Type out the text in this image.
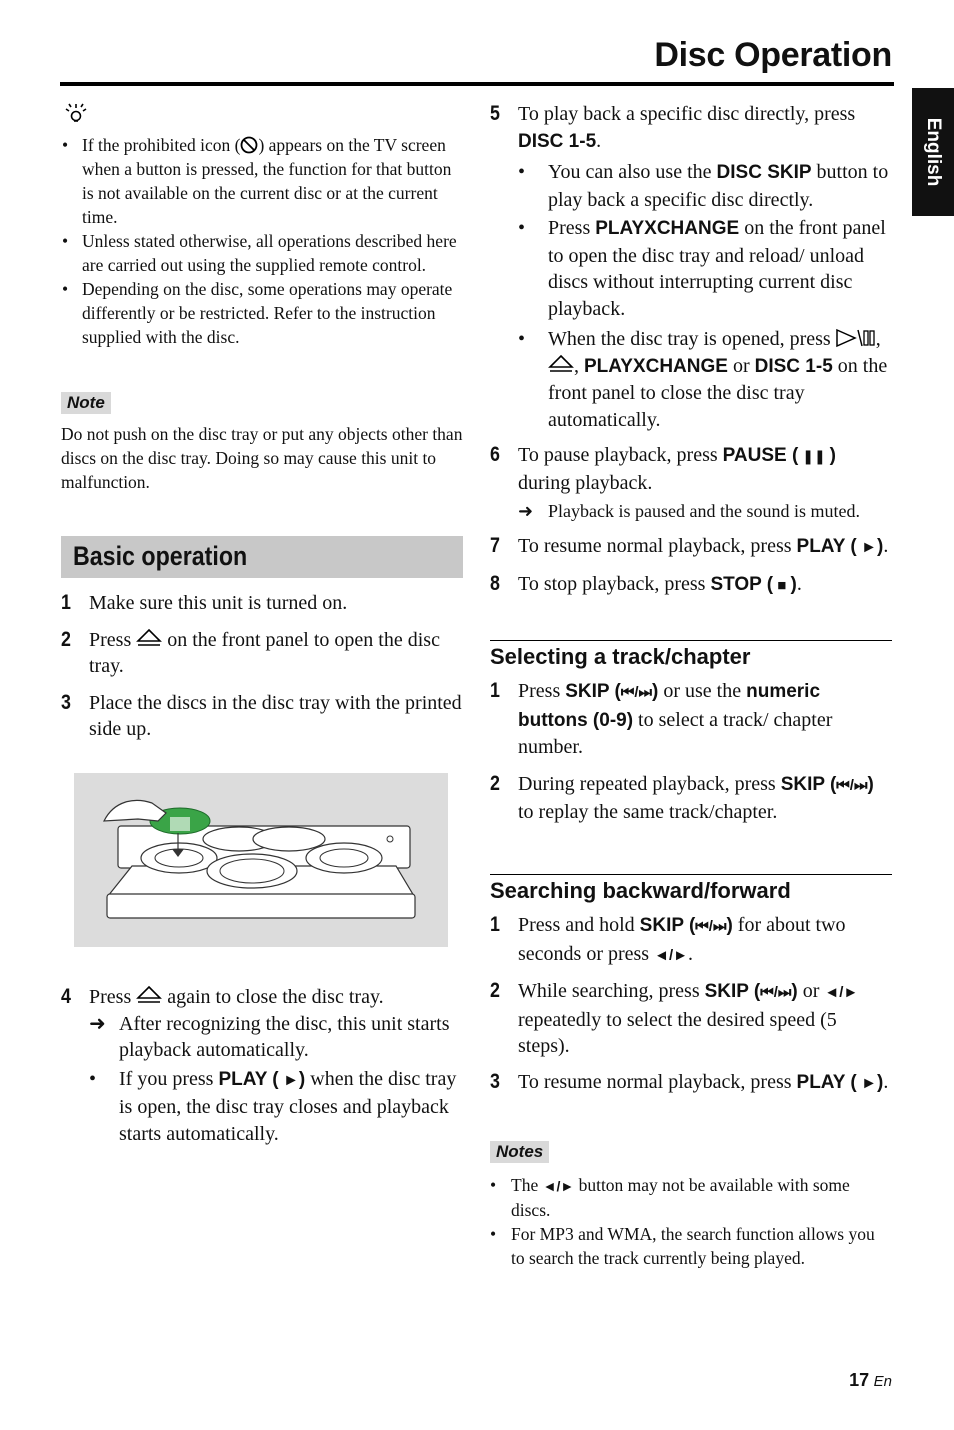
Disc Operation
English
• If the prohibited icon ( ) appears on the TV screen when a button is pressed, the function for that button is not available on the current disc or at the current time.
• Unless stated otherwise, all operations described here are carried out using the supplied remote control.
• Depending on the disc, some operations may operate differently or be restricted. Refer to the instruction supplied with the disc.
Note
Do not push on the disc tray or put any objects other than discs on the disc tray. Doing so may cause this unit to malfunction.
Basic operation
1 Make sure this unit is turned on.
2 Press on the front panel to open the disc tray.
3 Place the discs in the disc tray with the printed side up.
4 Press again to close the disc tray.
➜ After recognizing the disc, this unit starts playback automatically.
• If you press PLAY ( ►) when the disc tray is open, the disc tray closes and playback starts automatically.
5 To play back a specific disc directly, press DISC 1-5.
• You can also use the DISC SKIP button to play back a specific disc directly.
• Press PLAYXCHANGE on the front panel to open the disc tray and reload/ unload discs without interrupting current disc playback.
• When the disc tray is opened, press , , PLAYXCHANGE or DISC 1-5 on the front panel to close the disc tray automatically.
6 To pause playback, press PAUSE ( ❚❚ ) during playback.
➜ Playback is paused and the sound is muted.
7 To resume normal playback, press PLAY ( ►).
8 To stop playback, press STOP ( ■ ).
Selecting a track/chapter
1 Press SKIP (⏮/⏭) or use the numeric buttons (0-9) to select a track/ chapter number.
2 During repeated playback, press SKIP (⏮/⏭) to replay the same track/chapter.
Searching backward/forward
1 Press and hold SKIP (⏮/⏭) for about two seconds or press ◄/►.
2 While searching, press SKIP (⏮/⏭) or ◄/► repeatedly to select the desired speed (5 steps).
3 To resume normal playback, press PLAY ( ►).
Notes
• The ◄/► button may not be available with some discs.
• For MP3 and WMA, the search function allows you to search the track currently being played.
17 En
